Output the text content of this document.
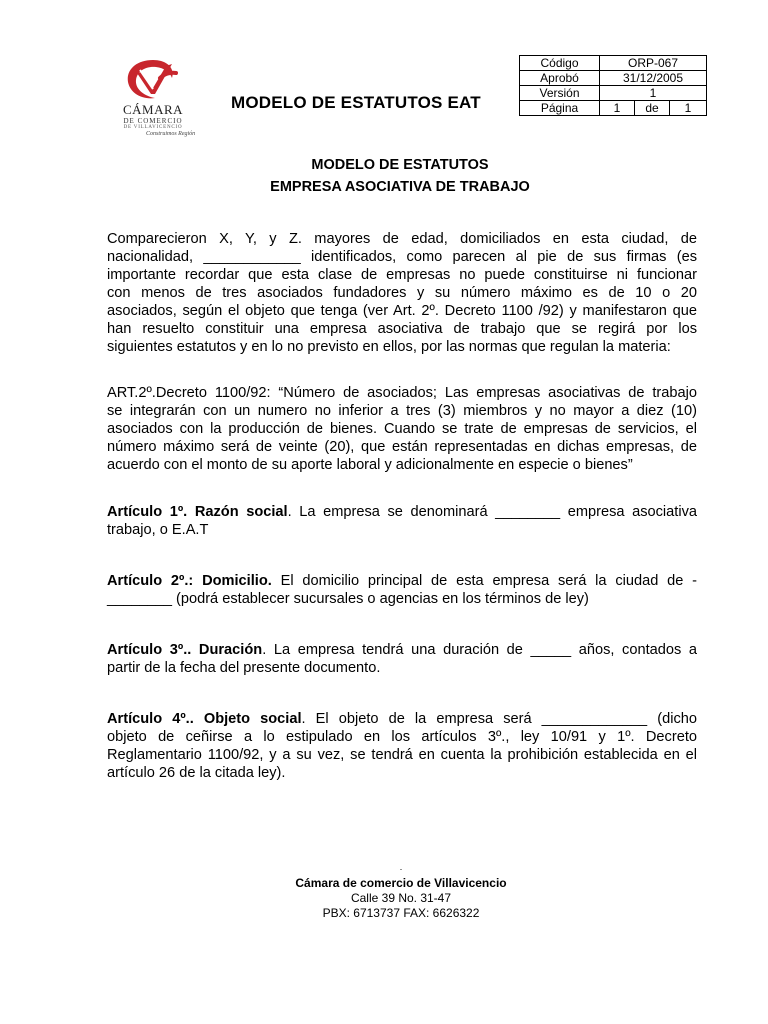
CÁMARA
DE COMERCIO
DE VILLAVICENCIO
Construimos Región
MODELO DE ESTATUTOS EAT
Código	ORP-067		
Aprobó	31/12/2005		
Versión	1		
Página	1	de	1
MODELO DE ESTATUTOS
EMPRESA ASOCIATIVA DE TRABAJO
Comparecieron X, Y, y Z. mayores de edad, domiciliados en esta ciudad, de
nacionalidad, ____________ identificados, como parecen al pie de sus firmas (es
importante recordar que esta clase de empresas no puede constituirse ni funcionar
con menos de tres asociados fundadores y su número máximo es de 10 o 20
asociados, según el objeto que tenga (ver Art. 2º. Decreto 1100 /92) y manifestaron que
han resuelto constituir una empresa asociativa de trabajo que se regirá por los
siguientes estatutos y en lo no previsto en ellos, por las normas que regulan la materia:
ART.2º.Decreto 1100/92: “Número de asociados; Las empresas asociativas de trabajo
se integrarán con un numero no inferior a tres (3) miembros y no mayor a diez (10)
asociados con la producción de bienes. Cuando se trate de empresas de servicios, el
número máximo será de veinte (20), que están representadas en dichas empresas, de
acuerdo con el monto de su aporte laboral y adicionalmente en especie o bienes”
Artículo 1º. Razón social. La empresa se denominará ________ empresa asociativa
trabajo, o E.A.T
Artículo 2º.: Domicilio. El domicilio principal de esta empresa será la ciudad de -
________ (podrá establecer sucursales o agencias en los términos de ley)
Artículo 3º.. Duración. La empresa tendrá una duración de _____ años, contados a
partir de la fecha del presente documento.
Artículo 4º.. Objeto social. El objeto de la empresa será _____________ (dicho
objeto de ceñirse a lo estipulado en los artículos 3º., ley 10/91 y 1º. Decreto
Reglamentario 1100/92, y a su vez, se tendrá en cuenta la prohibición establecida en el
artículo 26 de la citada ley).
.
Cámara de comercio de Villavicencio
Calle 39 No. 31-47
PBX: 6713737 FAX: 6626322
